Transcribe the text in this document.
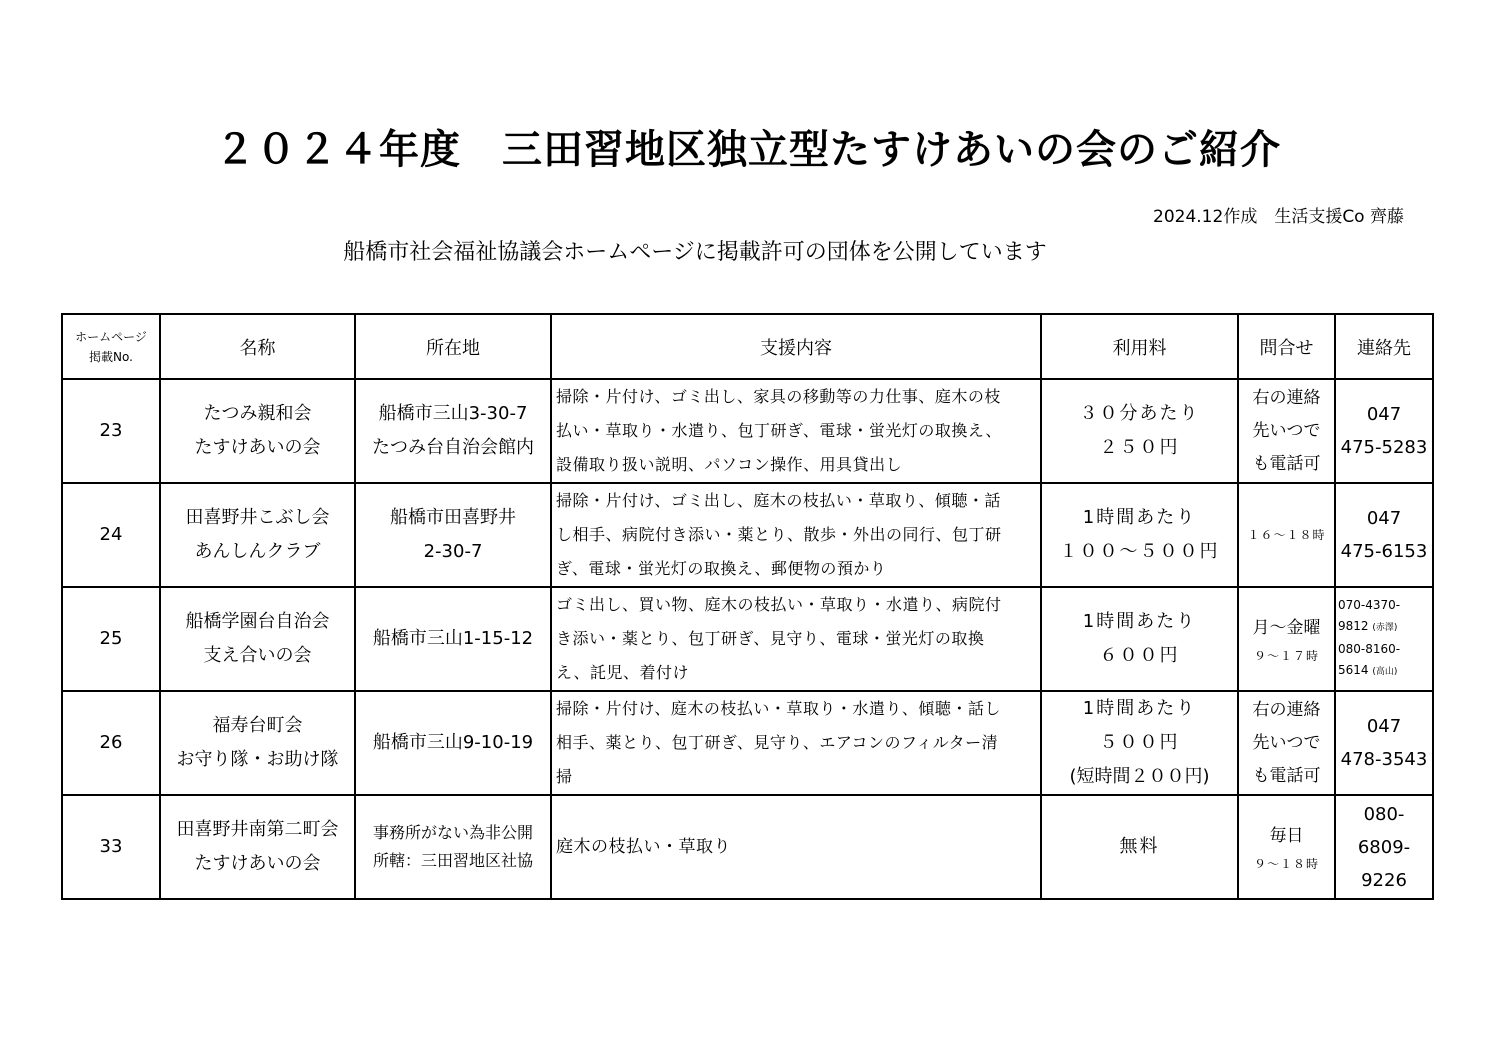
２０２４年度　三田習地区独立型たすけあいの会のご紹介
2024.12作成　生活支援Co 齊藤
船橋市社会福祉協議会ホームページに掲載許可の団体を公開しています
ホームページ
掲載No.	名称	所在地	支援内容	利用料	問合せ	連絡先
23	たつみ親和会
たすけあいの会	船橋市三山3-30-7
たつみ台自治会館内	掃除・片付け、ゴミ出し、家具の移動等の力仕事、庭木の枝
払い・草取り・水遣り、包丁研ぎ、電球・蛍光灯の取換え、
設備取り扱い説明、パソコン操作、用具貸出し	３０分あたり
２５０円	右の連絡
先いつで
も電話可	047
475-5283

24	田喜野井こぶし会
あんしんクラブ	船橋市田喜野井
2-30-7	掃除・片付け、ゴミ出し、庭木の枝払い・草取り、傾聴・話
し相手、病院付き添い・薬とり、散歩・外出の同行、包丁研
ぎ、電球・蛍光灯の取換え、郵便物の預かり	1時間あたり
１００～５００円	１６～１８時	047
475-6153

25	船橋学園台自治会
支え合いの会	船橋市三山1-15-12	ゴミ出し、買い物、庭木の枝払い・草取り・水遣り、病院付
き添い・薬とり、包丁研ぎ、見守り、電球・蛍光灯の取換
え、託児、着付け	1時間あたり
６００円	月～金曜
９～１７時	070-4370-
9812 (赤澤)
080-8160-
5614 (高山)

26	福寿台町会
お守り隊・お助け隊	船橋市三山9-10-19	掃除・片付け、庭木の枝払い・草取り・水遣り、傾聴・話し
相手、薬とり、包丁研ぎ、見守り、エアコンのフィルター清
掃	1時間あたり
５００円
(短時間２００円)	右の連絡
先いつで
も電話可	047
478-3543

33	田喜野井南第二町会
たすけあいの会	事務所がない為非公開
所轄：三田習地区社協	庭木の枝払い・草取り	無料	毎日
９～１８時	080-
6809-
9226
